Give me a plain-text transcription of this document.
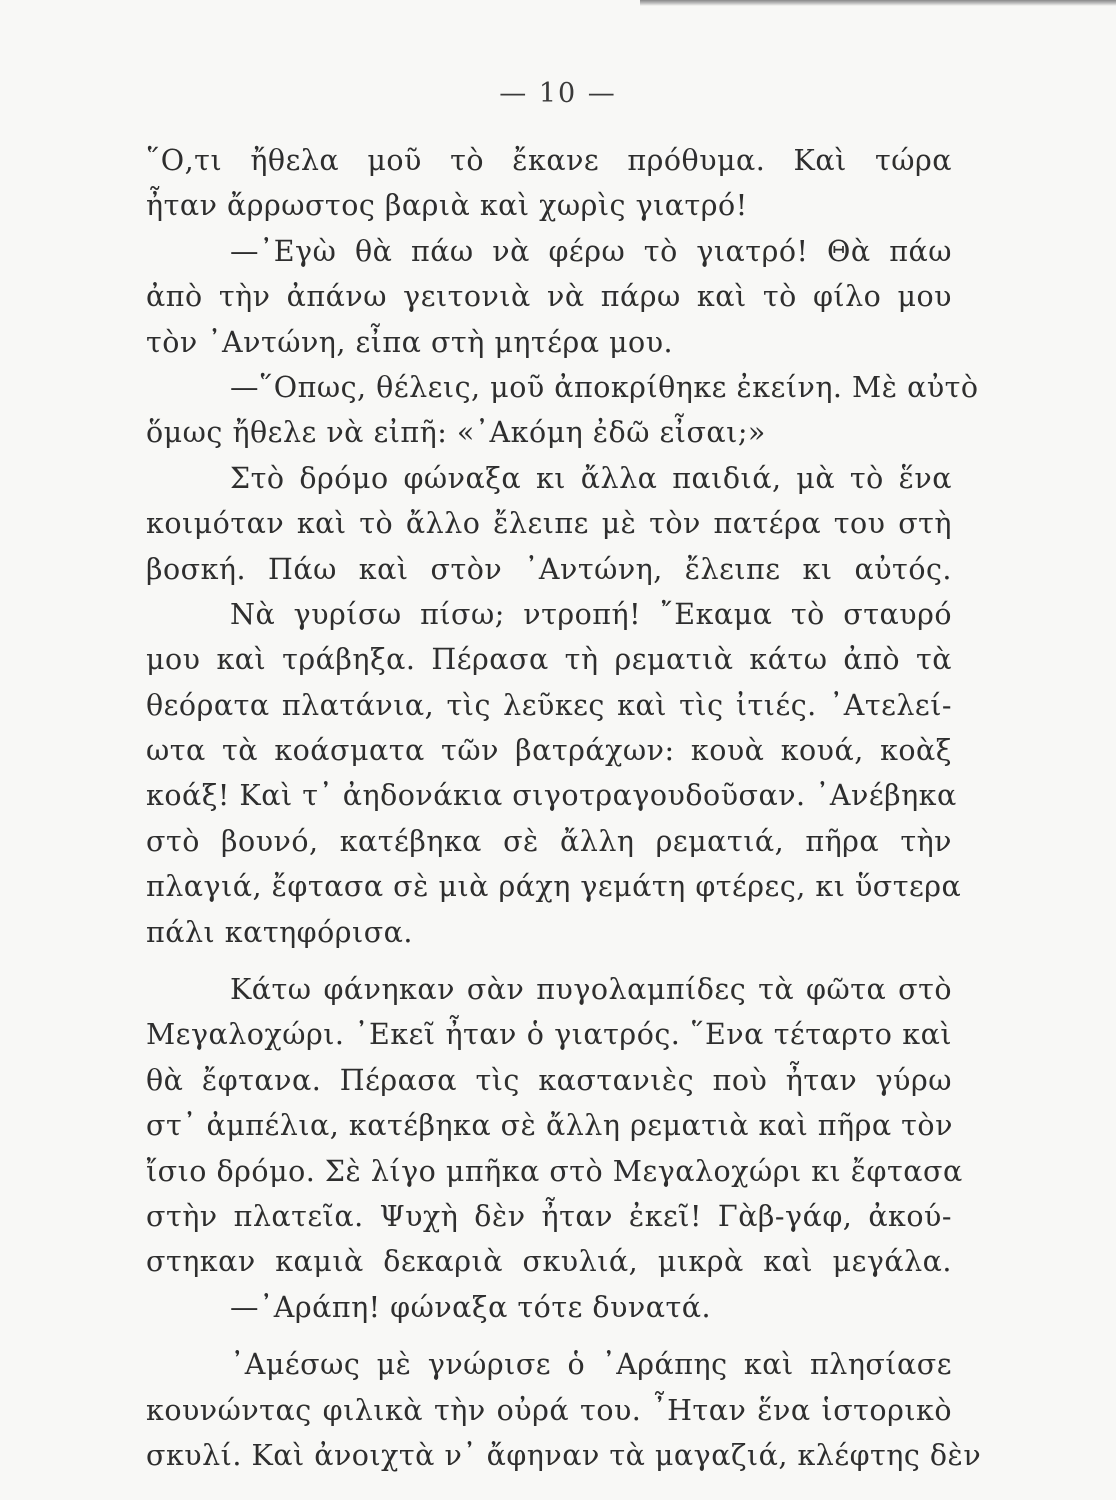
— 10 —

῞Ο,τι ἤθελα μοῦ τὸ ἔκανε πρόθυμα. Καὶ τώρα
ἦταν ἄρρωστος βαριὰ καὶ χωρὶς γιατρό!
—᾿Εγὼ θὰ πάω νὰ φέρω τὸ γιατρό! Θὰ πάω
ἀπὸ τὴν ἀπάνω γειτονιὰ νὰ πάρω καὶ τὸ φίλο μου
τὸν ᾿Αντώνη, εἶπα στὴ μητέρα μου.
—῞Οπως, θέλεις, μοῦ ἀποκρίθηκε ἐκείνη. Μὲ αὐτὸ
ὅμως ἤθελε νὰ εἰπῆ: «᾿Ακόμη ἐδῶ εἶσαι;»
Στὸ δρόμο φώναξα κι ἄλλα παιδιά, μὰ τὸ ἕνα
κοιμόταν καὶ τὸ ἄλλο ἔλειπε μὲ τὸν πατέρα του στὴ
βοσκή. Πάω καὶ στὸν ᾿Αντώνη, ἔλειπε κι αὐτός.
Νὰ γυρίσω πίσω; ντροπή! ῎Εκαμα τὸ σταυρό
μου καὶ τράβηξα. Πέρασα τὴ ρεματιὰ κάτω ἀπὸ τὰ
θεόρατα πλατάνια, τὶς λεῦκες καὶ τὶς ἰτιές. ᾿Ατελεί-
ωτα τὰ κοάσματα τῶν βατράχων: κουὰ κουά, κοὰξ
κοάξ! Καὶ τ᾿ ἀηδονάκια σιγοτραγουδοῦσαν. ᾿Ανέβηκα
στὸ βουνό, κατέβηκα σὲ ἄλλη ρεματιά, πῆρα τὴν
πλαγιά, ἔφτασα σὲ μιὰ ράχη γεμάτη φτέρες, κι ὕστερα
πάλι κατηφόρισα.
Κάτω φάνηκαν σὰν πυγολαμπίδες τὰ φῶτα στὸ
Μεγαλοχώρι. ᾿Εκεῖ ἦταν ὁ γιατρός. ῞Ενα τέταρτο καὶ
θὰ ἔφτανα. Πέρασα τὶς καστανιὲς ποὺ ἦταν γύρω
στ᾿ ἀμπέλια, κατέβηκα σὲ ἄλλη ρεματιὰ καὶ πῆρα τὸν
ἴσιο δρόμο. Σὲ λίγο μπῆκα στὸ Μεγαλοχώρι κι ἔφτασα
στὴν πλατεῖα. Ψυχὴ δὲν ἦταν ἐκεῖ! Γὰβ-γάφ, ἀκού-
στηκαν καμιὰ δεκαριὰ σκυλιά, μικρὰ καὶ μεγάλα.
—᾿Αράπη! φώναξα τότε δυνατά.
᾿Αμέσως μὲ γνώρισε ὁ ᾿Αράπης καὶ πλησίασε
κουνώντας φιλικὰ τὴν οὐρά του. ῏Ηταν ἕνα ἱστορικὸ
σκυλί. Καὶ ἀνοιχτὰ ν᾿ ἄφηναν τὰ μαγαζιά, κλέφτης δὲν
